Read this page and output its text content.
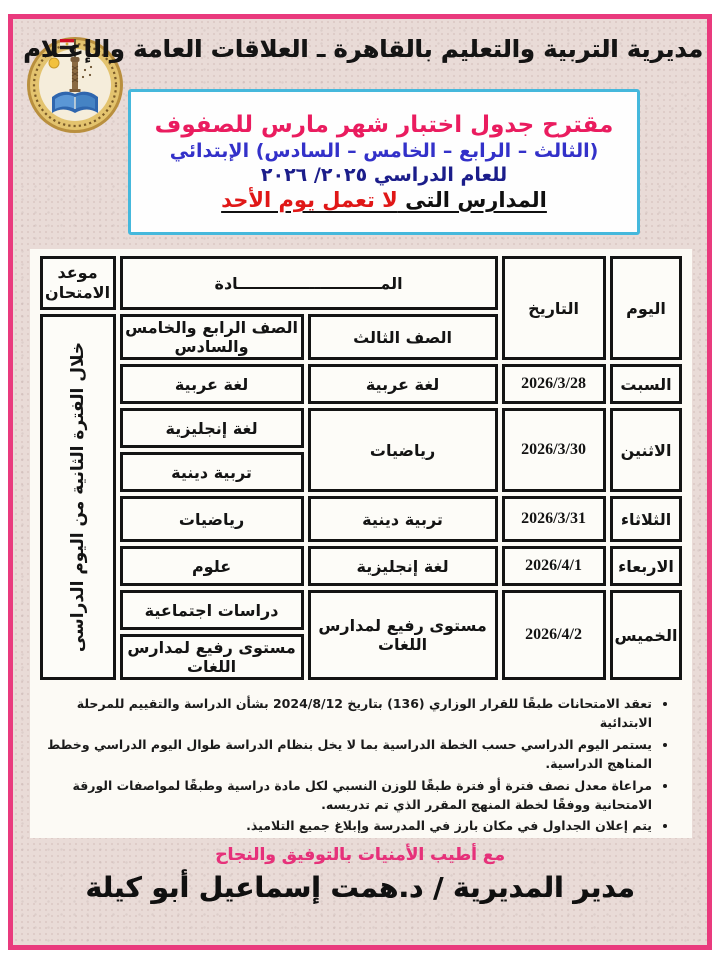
مديرية التربية والتعليم بالقاهرة ـ العلاقات العامة والإعـلام
مقترح جدول اختبار شهر مارس للصفوف
(الثالث – الرابع – الخامس – السادس) الإبتدائي
للعام الدراسي ٢٠٢٥/ ٢٠٢٦
المدارس التى لا تعمل يوم الأحد
اليوم	التاريخ	المــــــــــــــــــــــــــادة		موعد الامتحان
		الصف الثالث	الصف الرابع والخامس والسادس	خلال الفترة الثانية من اليوم الدراسى

السبت	2026/3/28	لغة عربية	لغة عربية	
الاثنين	2026/3/30	رياضيات	لغة إنجليزية	
			تربية دينية	
الثلاثاء	2026/3/31	تربية دينية	رياضيات	
الاربعاء	2026/4/1	لغة إنجليزية	علوم	
الخميس	2026/4/2	مستوى رفيع لمدارس اللغات	دراسات اجتماعية	
			مستوى رفيع لمدارس اللغات	
• تعقد الامتحانات طبقًا للقرار الوزاري (136) بتاريخ 2024/8/12 بشأن الدراسة والتقييم للمرحلة الابتدائية
• يستمر اليوم الدراسي حسب الخطة الدراسية بما لا يخل بنظام الدراسة طوال اليوم الدراسي وخطط المناهج الدراسية.
• مراعاة معدل نصف فترة أو فترة طبقًا للوزن النسبي لكل مادة دراسية وطبقًا لمواصفات الورقة الامتحانية ووفقًا لخطة المنهج المقرر الذي تم تدريسه.
• يتم إعلان الجداول في مكان بارز في المدرسة وإبلاغ جميع التلاميذ.
مع أطيب الأمنيات بالتوفيق والنجاح
مدير المديرية / د.همت إسماعيل أبو كيلة
